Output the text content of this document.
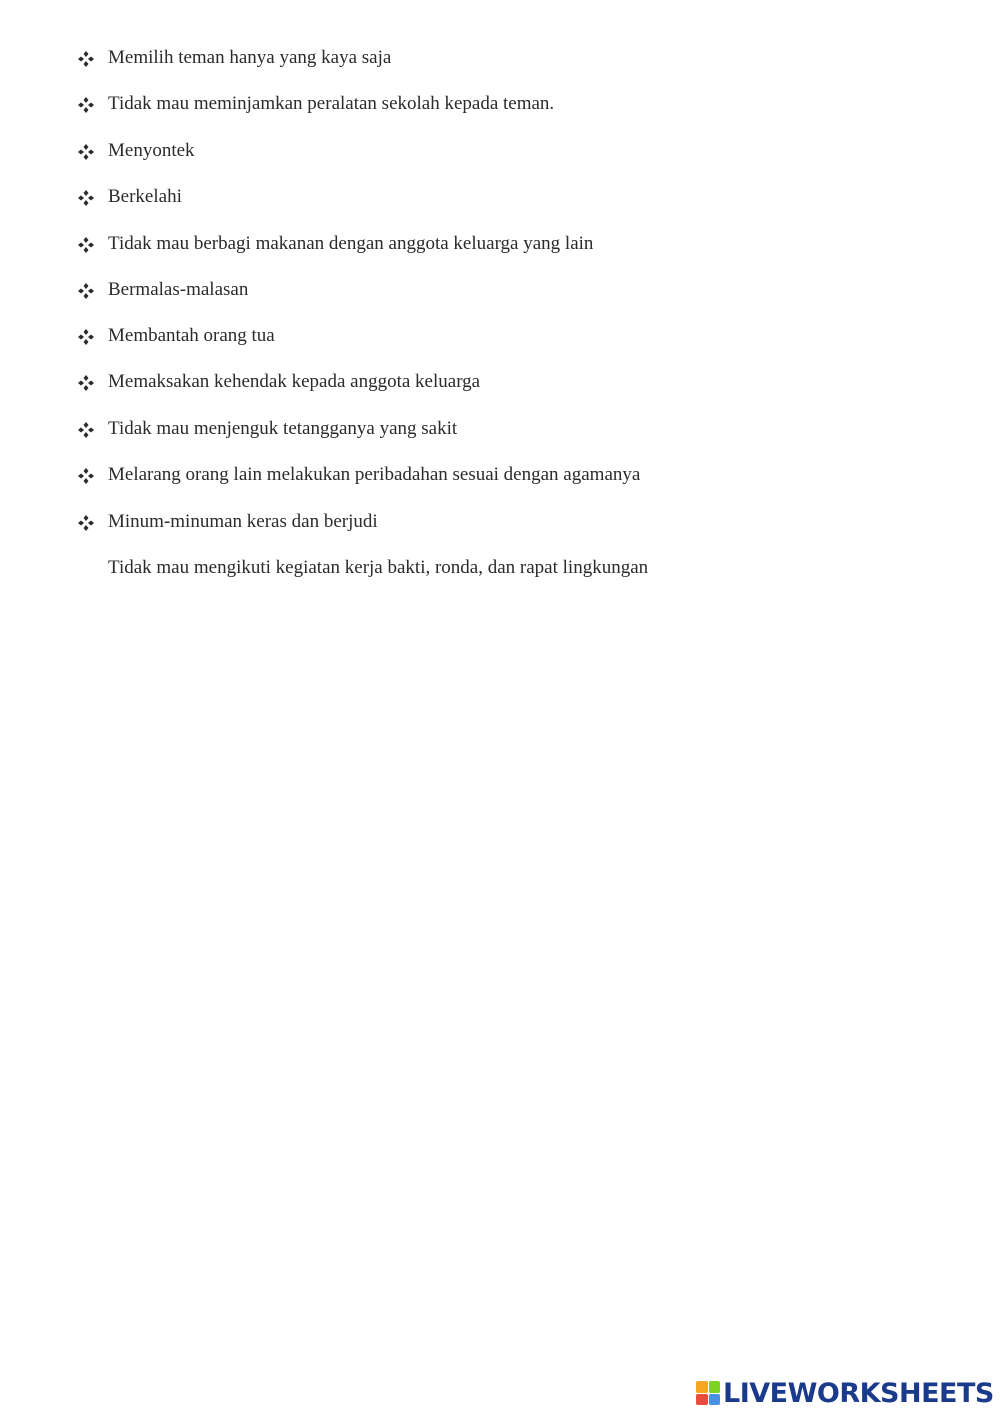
Memilih teman hanya yang kaya saja
Tidak mau meminjamkan peralatan sekolah kepada teman.
Menyontek
Berkelahi
Tidak mau berbagi makanan dengan anggota keluarga yang lain
Bermalas-malasan
Membantah orang tua
Memaksakan kehendak kepada anggota keluarga
Tidak mau menjenguk tetangganya yang sakit
Melarang orang lain melakukan peribadahan sesuai dengan agamanya
Minum-minuman keras dan berjudi
Tidak mau mengikuti kegiatan kerja bakti, ronda, dan rapat lingkungan
LIVEWORKSHEETS
